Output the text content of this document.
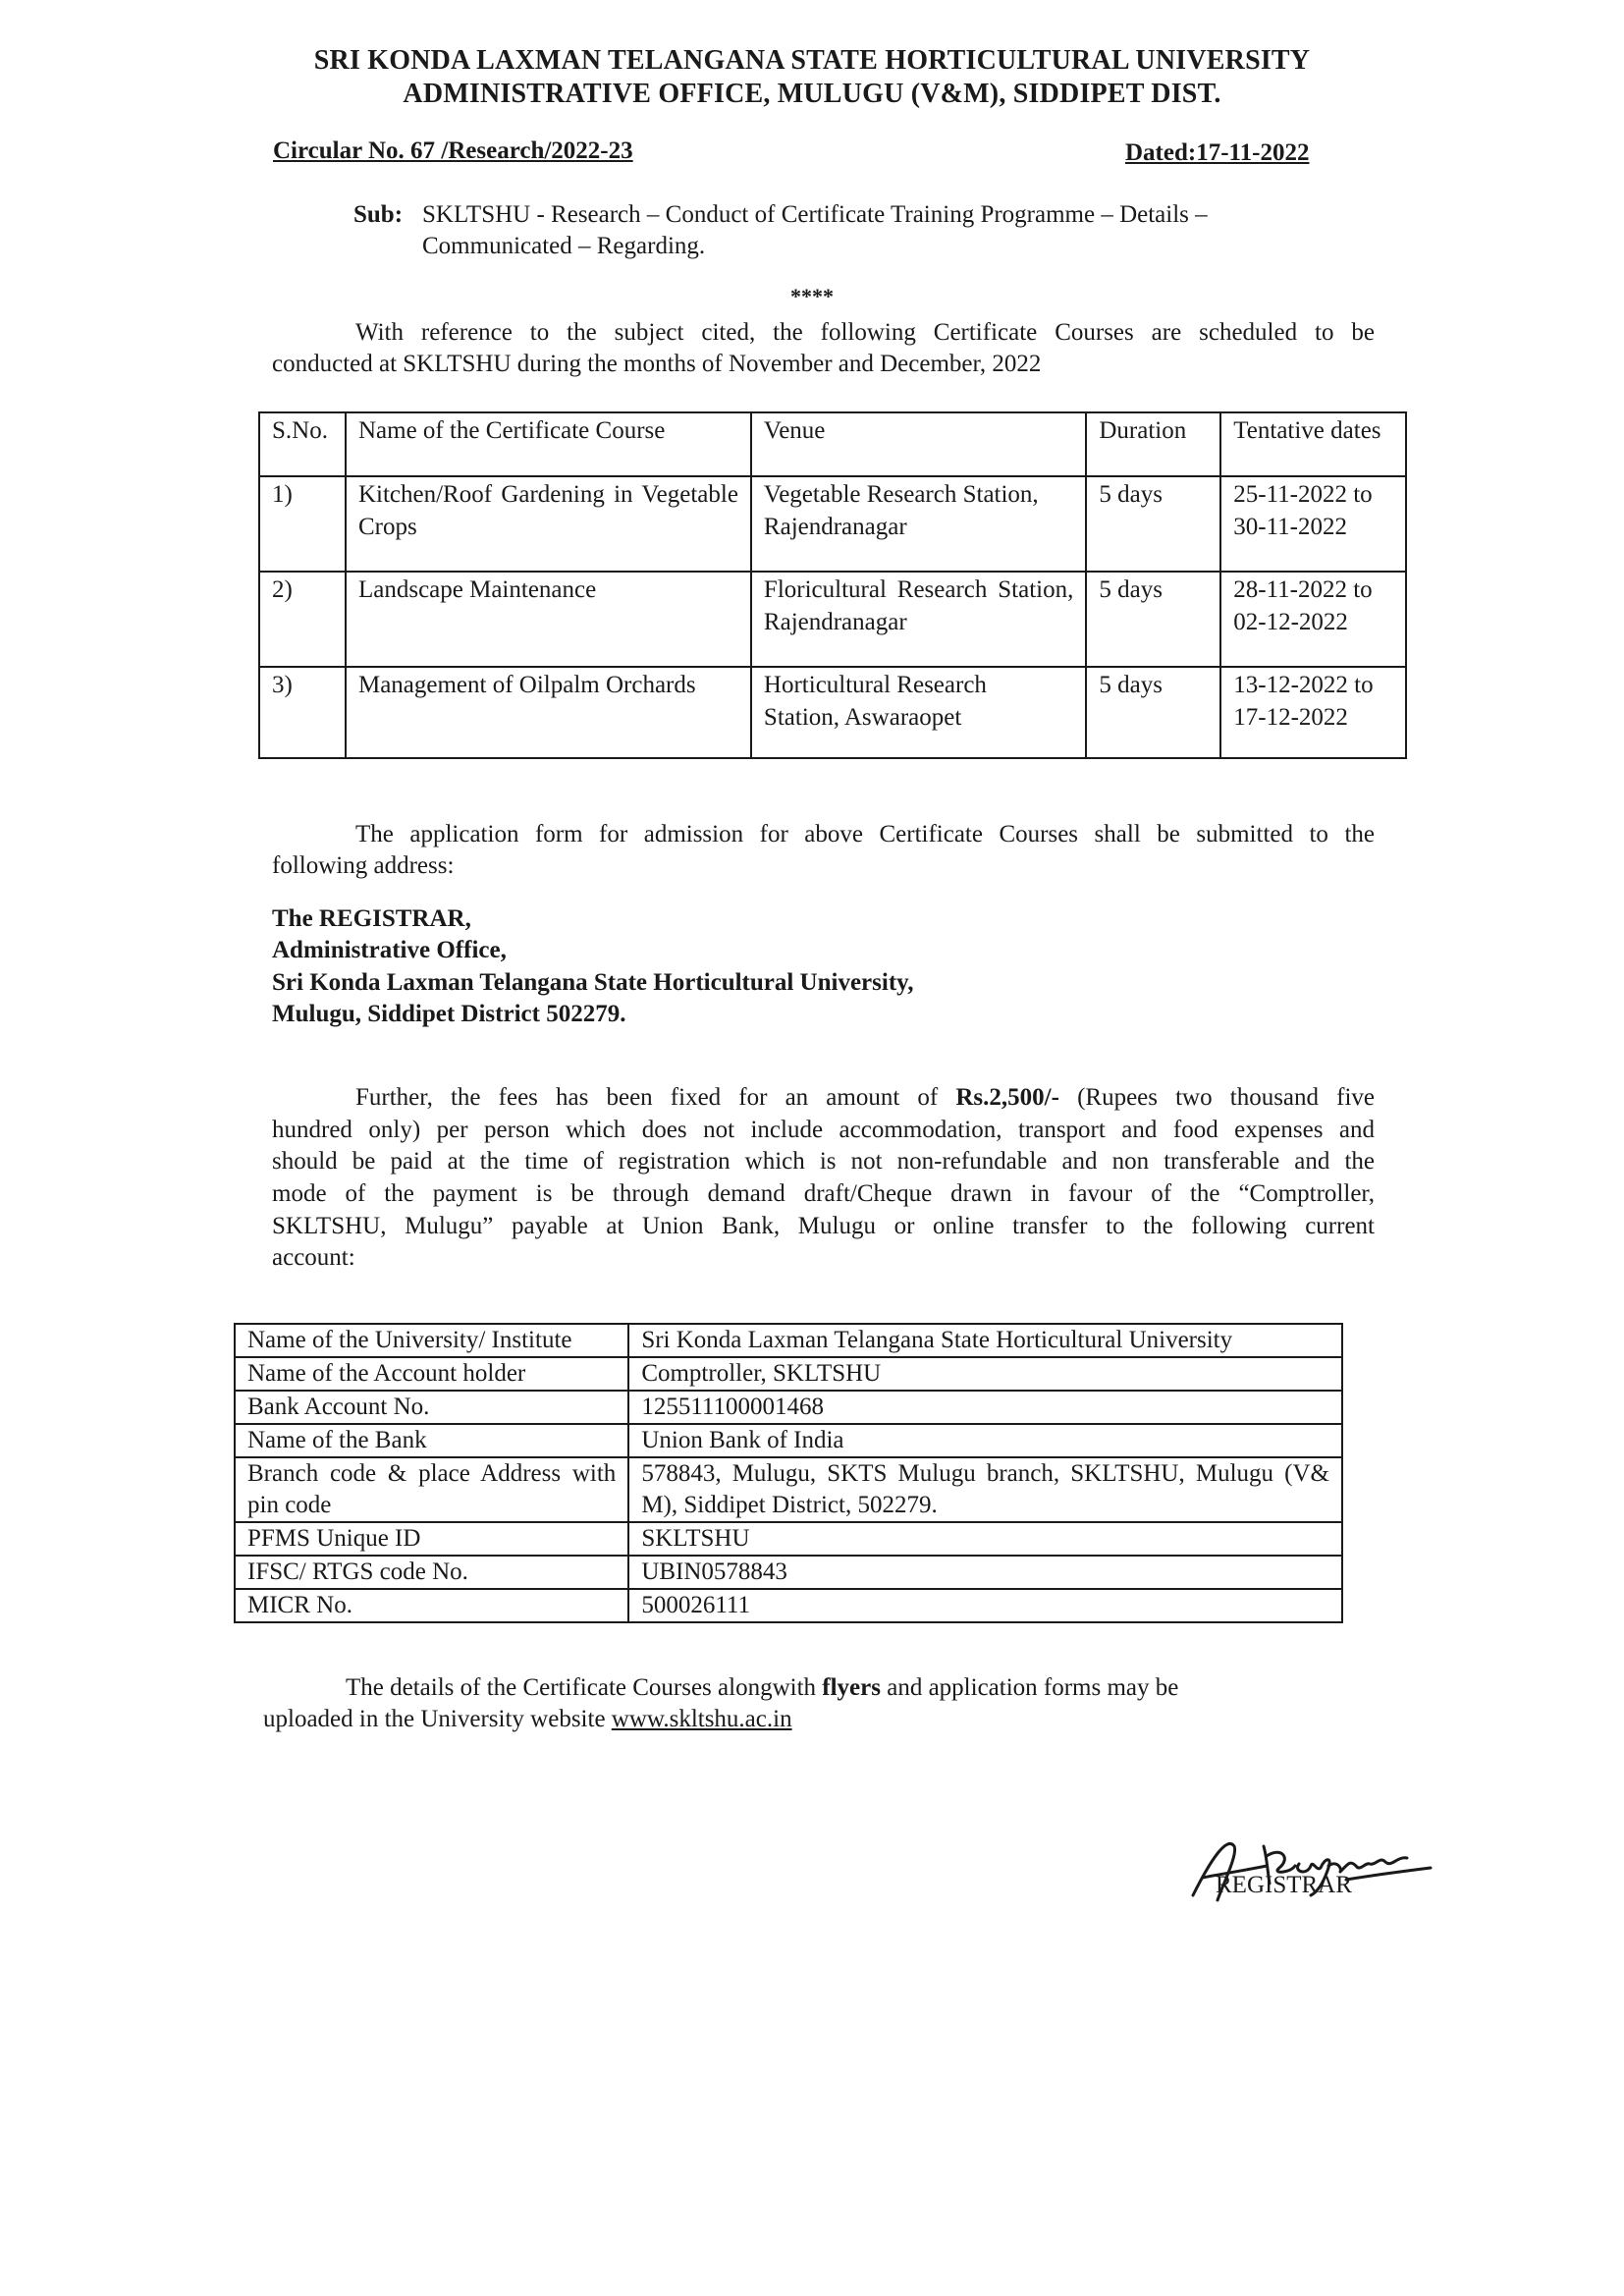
SRI KONDA LAXMAN TELANGANA STATE HORTICULTURAL UNIVERSITY
ADMINISTRATIVE OFFICE, MULUGU (V&M), SIDDIPET DIST.
Circular No. 67 /Research/2022-23	Dated:17-11-2022
Sub: SKLTSHU - Research – Conduct of Certificate Training Programme – Details –
Communicated – Regarding.
****
With reference to the subject cited, the following Certificate Courses are scheduled to be
conducted at SKLTSHU during the months of November and December, 2022
S.No.	Name of the Certificate Course	Venue	Duration	Tentative dates
1)	Kitchen/Roof Gardening in Vegetable Crops	Vegetable Research Station, Rajendranagar	5 days	25-11-2022 to 30-11-2022
2)	Landscape Maintenance	Floricultural Research Station, Rajendranagar	5 days	28-11-2022 to 02-12-2022
3)	Management of Oilpalm Orchards	Horticultural Research Station, Aswaraopet	5 days	13-12-2022 to 17-12-2022
The application form for admission for above Certificate Courses shall be submitted to the
following address:
The REGISTRAR,
Administrative Office,
Sri Konda Laxman Telangana State Horticultural University,
Mulugu, Siddipet District 502279.
Further, the fees has been fixed for an amount of Rs.2,500/- (Rupees two thousand five
hundred only) per person which does not include accommodation, transport and food expenses and
should be paid at the time of registration which is not non-refundable and non transferable and the
mode of the payment is be through demand draft/Cheque drawn in favour of the “Comptroller,
SKLTSHU, Mulugu” payable at Union Bank, Mulugu or online transfer to the following current
account:
Name of the University/ Institute	Sri Konda Laxman Telangana State Horticultural University
Name of the Account holder	Comptroller, SKLTSHU
Bank Account No.	125511100001468
Name of the Bank	Union Bank of India
Branch code & place Address with pin code	578843, Mulugu, SKTS Mulugu branch, SKLTSHU, Mulugu (V& M), Siddipet District, 502279.
PFMS Unique ID	SKLTSHU
IFSC/ RTGS code No.	UBIN0578843
MICR No.	500026111
The details of the Certificate Courses alongwith flyers and application forms may be
uploaded in the University website www.skltshu.ac.in
A Bhagwan
REGISTRAR
